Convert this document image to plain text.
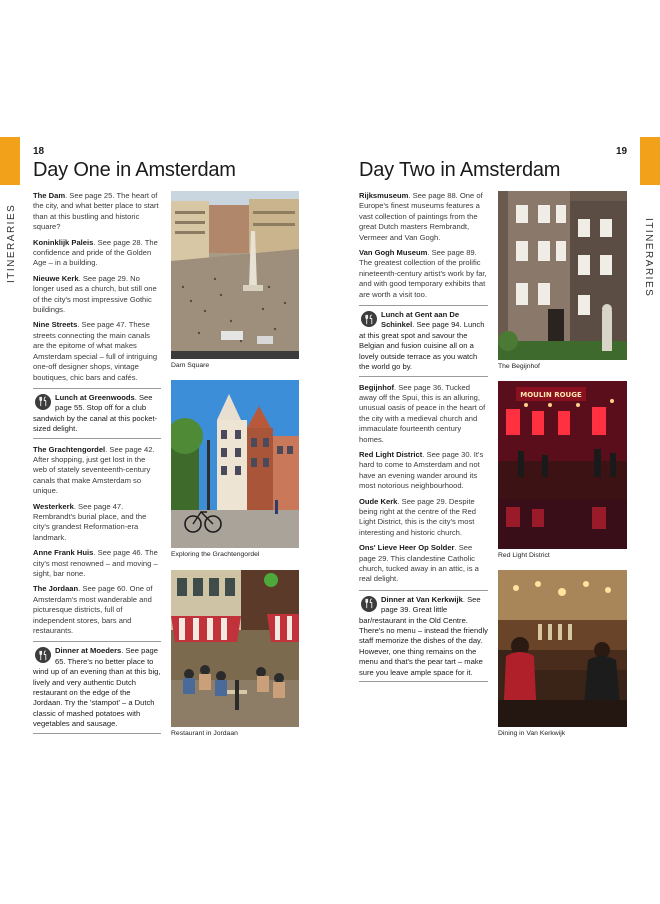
ITINERARIES	ITINERARIES
18	19
Day One in Amsterdam	Day Two in Amsterdam

The Dam. See page 25. The heart of the city, and what better place to start than at this bustling and historic square?

Koninklijk Paleis. See page 28. The confidence and pride of the Golden Age – in a building.

Nieuwe Kerk. See page 29. No longer used as a church, but still one of the city's most impressive Gothic buildings.

Nine Streets. See page 47. These streets connecting the main canals are the epitome of what makes Amsterdam special – full of intriguing one-off designer shops, vintage boutiques, chic bars and cafés.

Lunch at Greenwoods. See page 55. Stop off for a club sandwich by the canal at this pocket-sized delight.

The Grachtengordel. See page 42. After shopping, just get lost in the web of stately seventeenth-century canals that make Amsterdam so unique.

Westerkerk. See page 47. Rembrandt's burial place, and the city's grandest Reformation-era landmark.

Anne Frank Huis. See page 46. The city's most renowned – and moving – sight, bar none.

The Jordaan. See page 60. One of Amsterdam's most wanderable and picturesque districts, full of independent stores, bars and restaurants.

Dinner at Moeders. See page 65. There's no better place to wind up of an evening than at this big, lively and very authentic Dutch restaurant on the edge of the Jordaan. Try the 'stampot' – a Dutch classic of mashed potatoes with vegetables and sausage.

Dam Square
Exploring the Grachtengordel
Restaurant in Jordaan

Rijksmuseum. See page 88. One of Europe's finest museums features a vast collection of paintings from the great Dutch masters Rembrandt, Vermeer and Van Gogh.

Van Gogh Museum. See page 89. The greatest collection of the prolific nineteenth-century artist's work by far, and with good temporary exhibits that are worth a visit too.

Lunch at Gent aan De Schinkel. See page 94. Lunch at this great spot and savour the Belgian and fusion cuisine all on a lovely outside terrace as you watch the world go by.

Begijnhof. See page 36. Tucked away off the Spui, this is an alluring, unusual oasis of peace in the heart of the city with a medieval church and immaculate fourteenth century homes.

Red Light District. See page 30. It's hard to come to Amsterdam and not have an evening wander around its most notorious neighbourhood.

Oude Kerk. See page 29. Despite being right at the centre of the Red Light District, this is the city's most interesting and historic church.

Ons' Lieve Heer Op Solder. See page 29. This clandestine Catholic church, tucked away in an attic, is a real delight.

Dinner at Van Kerkwijk. See page 39. Great little bar/restaurant in the Old Centre. There's no menu – instead the friendly staff memorize the dishes of the day. However, one thing remains on the menu and that's the pear tart – make sure you leave ample space for it.

The Begijnhof
MOULIN ROUGE
Red Light District
Dining in Van Kerkwijk
